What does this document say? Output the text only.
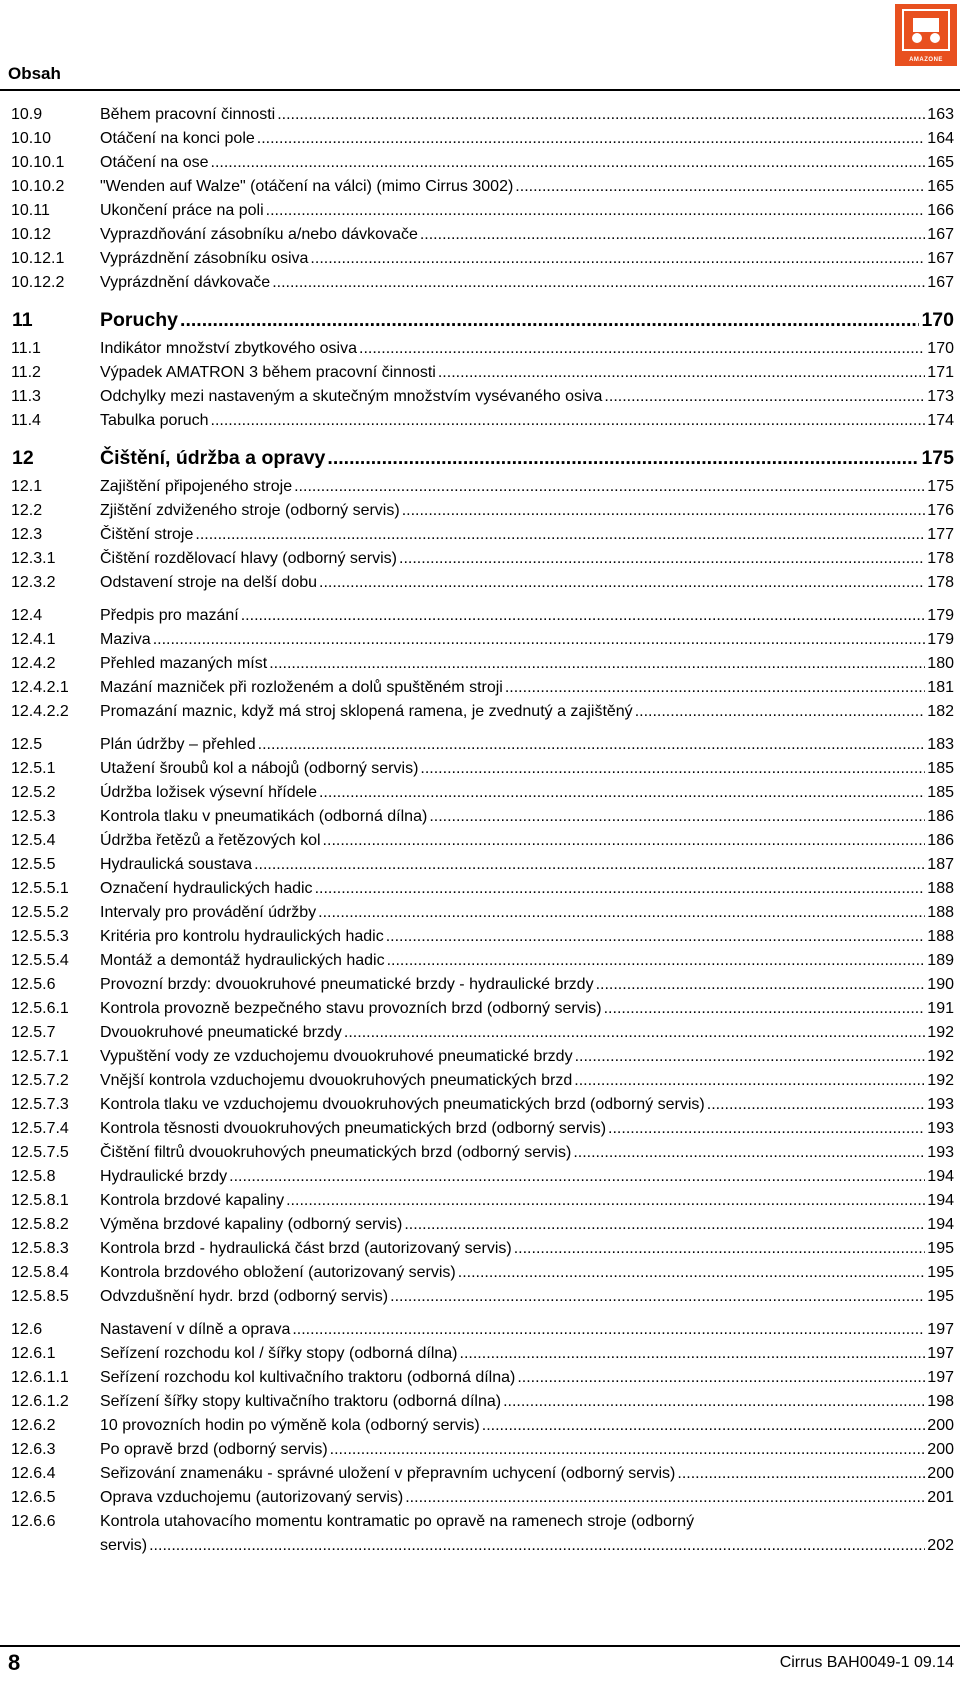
Obsah
AMAZONE
10.9	Během pracovní činnosti .....	163
10.10	Otáčení na konci pole .....	164
10.10.1 Otáčení na ose .....	165
10.10.2 "Wenden auf Walze" (otáčení na válci) (mimo Cirrus 3002) .....	165
10.11	Ukončení práce na poli .....	166
10.12	Vyprazdňování zásobníku a/nebo dávkovače .....	167
10.12.1 Vyprázdnění zásobníku osiva .....	167
10.12.2 Vyprázdnění dávkovače .....	167
11	Poruchy .....	170
11.1	Indikátor množství zbytkového osiva .....	170
11.2	Výpadek AMATRON 3 během pracovní činnosti .....	171
11.3	Odchylky mezi nastaveným a skutečným množstvím vysévaného osiva .....	173
11.4	Tabulka poruch .....	174
12	Čištění, údržba a opravy .....	175
12.1	Zajištění připojeného stroje .....	175
12.2	Zjištění zdviženého stroje (odborný servis) .....	176
12.3	Čištění stroje .....	177
12.3.1	Čištění rozdělovací hlavy (odborný servis) .....	178
12.3.2	Odstavení stroje na delší dobu .....	178
12.4	Předpis pro mazání .....	179
12.4.1	Maziva .....	179
12.4.2	Přehled mazaných míst .....	180
12.4.2.1 Mazání mazniček při rozloženém a dolů spuštěném stroji .....	181
12.4.2.2 Promazání maznic, když má stroj sklopená ramena, je zvednutý a zajištěný .....	182
12.5	Plán údržby – přehled .....	183
12.5.1	Utažení šroubů kol a nábojů (odborný servis) .....	185
12.5.2	Údržba ložisek výsevní hřídele .....	185
12.5.3	Kontrola tlaku v pneumatikách (odborná dílna) .....	186
12.5.4	Údržba řetězů a řetězových kol .....	186
12.5.5	Hydraulická soustava .....	187
12.5.5.1 Označení hydraulických hadic .....	188
12.5.5.2 Intervaly pro provádění údržby .....	188
12.5.5.3 Kritéria pro kontrolu hydraulických hadic .....	188
12.5.5.4 Montáž a demontáž hydraulických hadic .....	189
12.5.6	Provozní brzdy: dvouokruhové pneumatické brzdy - hydraulické brzdy .....	190
12.5.6.1 Kontrola provozně bezpečného stavu provozních brzd (odborný servis) .....	191
12.5.7	Dvouokruhové pneumatické brzdy .....	192
12.5.7.1 Vypuštění vody ze vzduchojemu dvouokruhové pneumatické brzdy .....	192
12.5.7.2 Vnější kontrola vzduchojemu dvouokruhových pneumatických brzd .....	192
12.5.7.3 Kontrola tlaku ve vzduchojemu dvouokruhových pneumatických brzd (odborný servis) .....	193
12.5.7.4 Kontrola těsnosti dvouokruhových pneumatických brzd (odborný servis) .....	193
12.5.7.5 Čištění filtrů dvouokruhových pneumatických brzd (odborný servis) .....	193
12.5.8	Hydraulické brzdy .....	194
12.5.8.1 Kontrola brzdové kapaliny .....	194
12.5.8.2 Výměna brzdové kapaliny (odborný servis) .....	194
12.5.8.3 Kontrola brzd - hydraulická část brzd (autorizovaný servis) .....	195
12.5.8.4 Kontrola brzdového obložení (autorizovaný servis) .....	195
12.5.8.5 Odvzdušnění hydr. brzd (odborný servis) .....	195
12.6	Nastavení v dílně a oprava .....	197
12.6.1	Seřízení rozchodu kol / šířky stopy (odborná dílna) .....	197
12.6.1.1 Seřízení rozchodu kol kultivačního traktoru (odborná dílna) .....	197
12.6.1.2 Seřízení šířky stopy kultivačního traktoru (odborná dílna) .....	198
12.6.2	10 provozních hodin po výměně kola (odborný servis) .....	200
12.6.3	Po opravě brzd (odborný servis) .....	200
12.6.4	Seřizování znamenáku - správné uložení v přepravním uchycení (odborný servis) .....	200
12.6.5	Oprava vzduchojemu (autorizovaný servis) .....	201
12.6.6	Kontrola utahovacího momentu kontramatic po opravě na ramenech stroje (odborný
servis) .....	202
8	Cirrus BAH0049-1 09.14
